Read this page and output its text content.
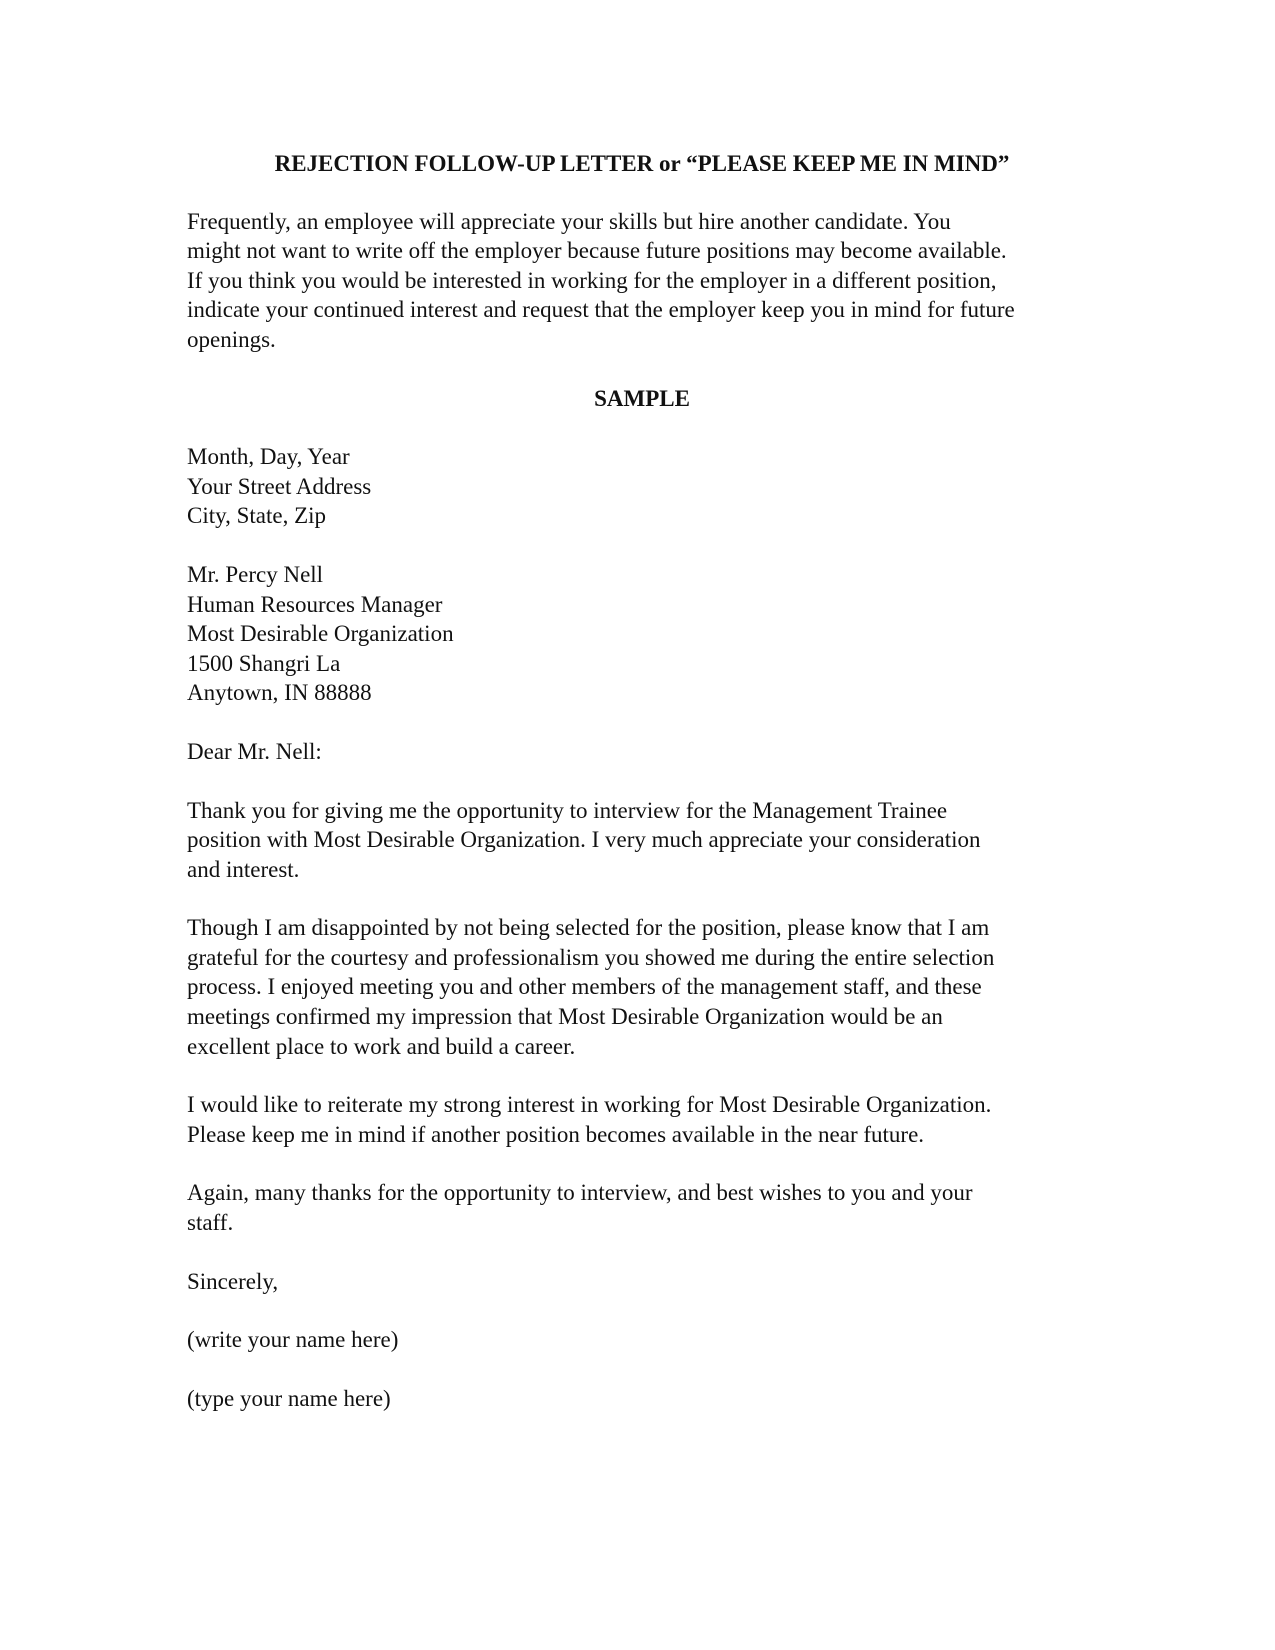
REJECTION FOLLOW-UP LETTER or “PLEASE KEEP ME IN MIND”
Frequently, an employee will appreciate your skills but hire another candidate. You
might not want to write off the employer because future positions may become available.
If you think you would be interested in working for the employer in a different position,
indicate your continued interest and request that the employer keep you in mind for future
openings.
SAMPLE
Month, Day, Year
Your Street Address
City, State, Zip
Mr. Percy Nell
Human Resources Manager
Most Desirable Organization
1500 Shangri La
Anytown, IN 88888
Dear Mr. Nell:
Thank you for giving me the opportunity to interview for the Management Trainee
position with Most Desirable Organization. I very much appreciate your consideration
and interest.
Though I am disappointed by not being selected for the position, please know that I am
grateful for the courtesy and professionalism you showed me during the entire selection
process. I enjoyed meeting you and other members of the management staff, and these
meetings confirmed my impression that Most Desirable Organization would be an
excellent place to work and build a career.
I would like to reiterate my strong interest in working for Most Desirable Organization.
Please keep me in mind if another position becomes available in the near future.
Again, many thanks for the opportunity to interview, and best wishes to you and your
staff.
Sincerely,
(write your name here)
(type your name here)
